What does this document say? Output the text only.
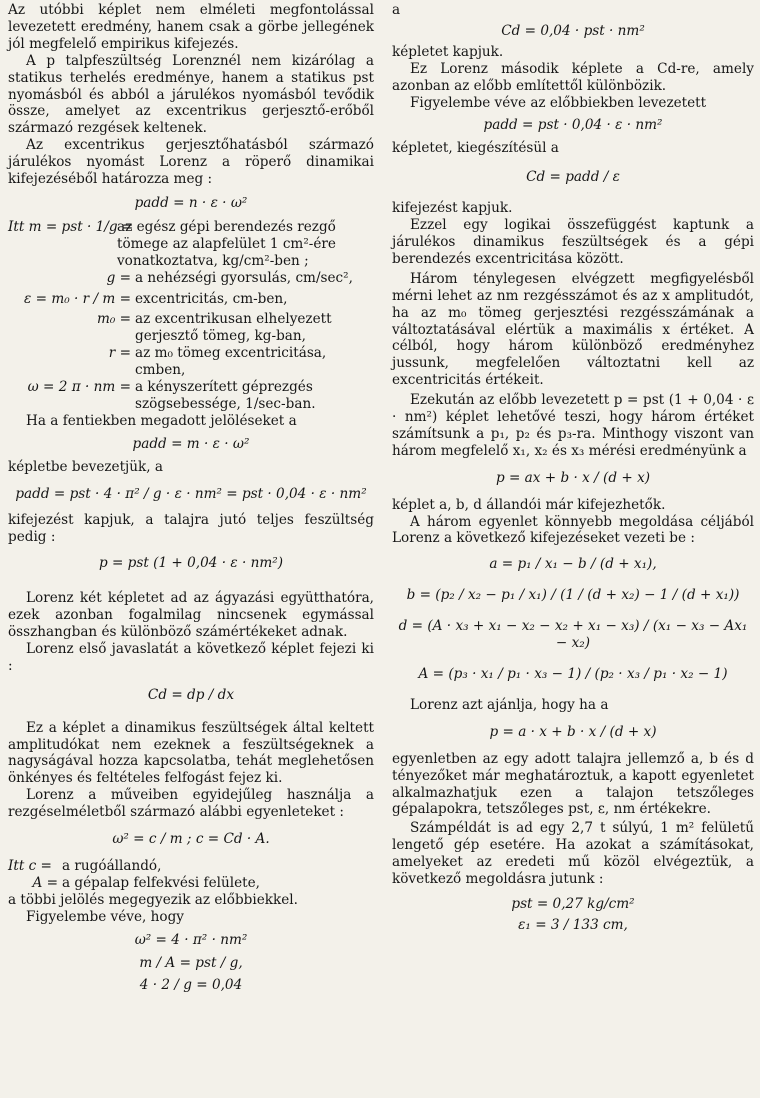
Az utóbbi képlet nem elméleti megfontolással levezetett eredmény, hanem csak a görbe jellegének jól megfelelő empirikus kifejezés.

A p talpfeszültség Lorenznél nem kizárólag a statikus terhelés eredménye, hanem a statikus pst nyomásból és abból a járulékos nyomásból tevődik össze, amelyet az excentrikus gerjesztő-erőből származó rezgések keltenek.

Az excentrikus gerjesztőhatásból származó járulékos nyomást Lorenz a röperő dinamikai kifejezéséből határozza meg :

padd = n · ε · ω²
Itt m = pst · 1/g =
az egész gépi berendezés rezgő tömege az alapfelület 1 cm²-ére vonatkoztatva, kg/cm²-ben ;
g = a nehézségi gyorsulás, cm/sec²,
ε = m₀ · r / m = excentricitás, cm-ben,
m₀ = az excentrikusan elhelyezett gerjesztő tömeg, kg-ban,
r = az m₀ tömeg excentricitása, cmben,
ω = 2 π · nm = a kényszerített géprezgés szögsebessége, 1/sec-ban.

Ha a fentiekben megadott jelöléseket a

padd = m · ε · ω²

képletbe bevezetjük, a

padd = pst · 4 · π² / g · ε · nm² = pst · 0,04 · ε · nm²

kifejezést kapjuk, a talajra jutó teljes feszültség pedig :

p = pst (1 + 0,04 · ε · nm²)

Lorenz két képletet ad az ágyazási együtthatóra, ezek azonban fogalmilag nincsenek egymással összhangban és különböző számértékeket adnak.

Lorenz első javaslatát a következő képlet fejezi ki :

Cd = dp / dx

Ez a képlet a dinamikus feszültségek által keltett amplitudókat nem ezeknek a feszültségeknek a nagyságával hozza kapcsolatba, tehát meglehetősen önkényes és feltételes felfogást fejez ki.

Lorenz a műveiben egyidejűleg használja a rezgéselméletből származó alábbi egyenleteket :

ω² = c / m ; c = Cd · A.
Itt c = a rugóállandó,
A = a gépalap felfekvési felülete,

a többi jelölés megegyezik az előbbiekkel.

Figyelembe véve, hogy

ω² = 4 · π² · nm²
m / A = pst / g,
4 · 2 / g = 0,04

a

Cd = 0,04 · pst · nm²

képletet kapjuk.

Ez Lorenz második képlete a Cd-re, amely azonban az előbb említettől különbözik.

Figyelembe véve az előbbiekben levezetett

padd = pst · 0,04 · ε · nm²

képletet, kiegészítésül a

Cd = padd / ε

kifejezést kapjuk.

Ezzel egy logikai összefüggést kaptunk a járulékos dinamikus feszültségek és a gépi berendezés excentricitása között.

Három ténylegesen elvégzett megfigyelésből mérni lehet az nm rezgésszámot és az x amplitudót, ha az m₀ tömeg gerjesztési rezgésszámának a változtatásával elértük a maximális x értéket. A célból, hogy három különböző eredményhez jussunk, megfelelően változtatni kell az excentricitás értékeit.

Ezekután az előbb levezetett p = pst (1 + 0,04 · ε · nm²) képlet lehetővé teszi, hogy három értéket számítsunk a p₁, p₂ és p₃-ra. Minthogy viszont van három megfelelő x₁, x₂ és x₃ mérési eredményünk a

p = ax + b · x / (d + x)

képlet a, b, d állandói már kifejezhetők.

A három egyenlet könnyebb megoldása céljából Lorenz a következő kifejezéseket vezeti be :

a = p₁ / x₁ − b / (d + x₁),
b = (p₂ / x₂ − p₁ / x₁) / (1 / (d + x₂) − 1 / (d + x₁))
d = (A · x₃ + x₁ − x₂ − x₂ + x₁ − x₃) / (x₁ − x₃ − Ax₁ − x₂)
A = (p₃ · x₁ / p₁ · x₃ − 1) / (p₂ · x₃ / p₁ · x₂ − 1)

Lorenz azt ajánlja, hogy ha a

p = a · x + b · x / (d + x)

egyenletben az egy adott talajra jellemző a, b és d tényezőket már meghatároztuk, a kapott egyenletet alkalmazhatjuk ezen a talajon tetszőleges gépalapokra, tetszőleges pst, ε, nm értékekre.

Számpéldát is ad egy 2,7 t súlyú, 1 m² felületű lengető gép esetére. Ha azokat a számításokat, amelyeket az eredeti mű közöl elvégeztük, a következő megoldásra jutunk :

pst = 0,27 kg/cm²
ε₁ = 3 / 133 cm,
